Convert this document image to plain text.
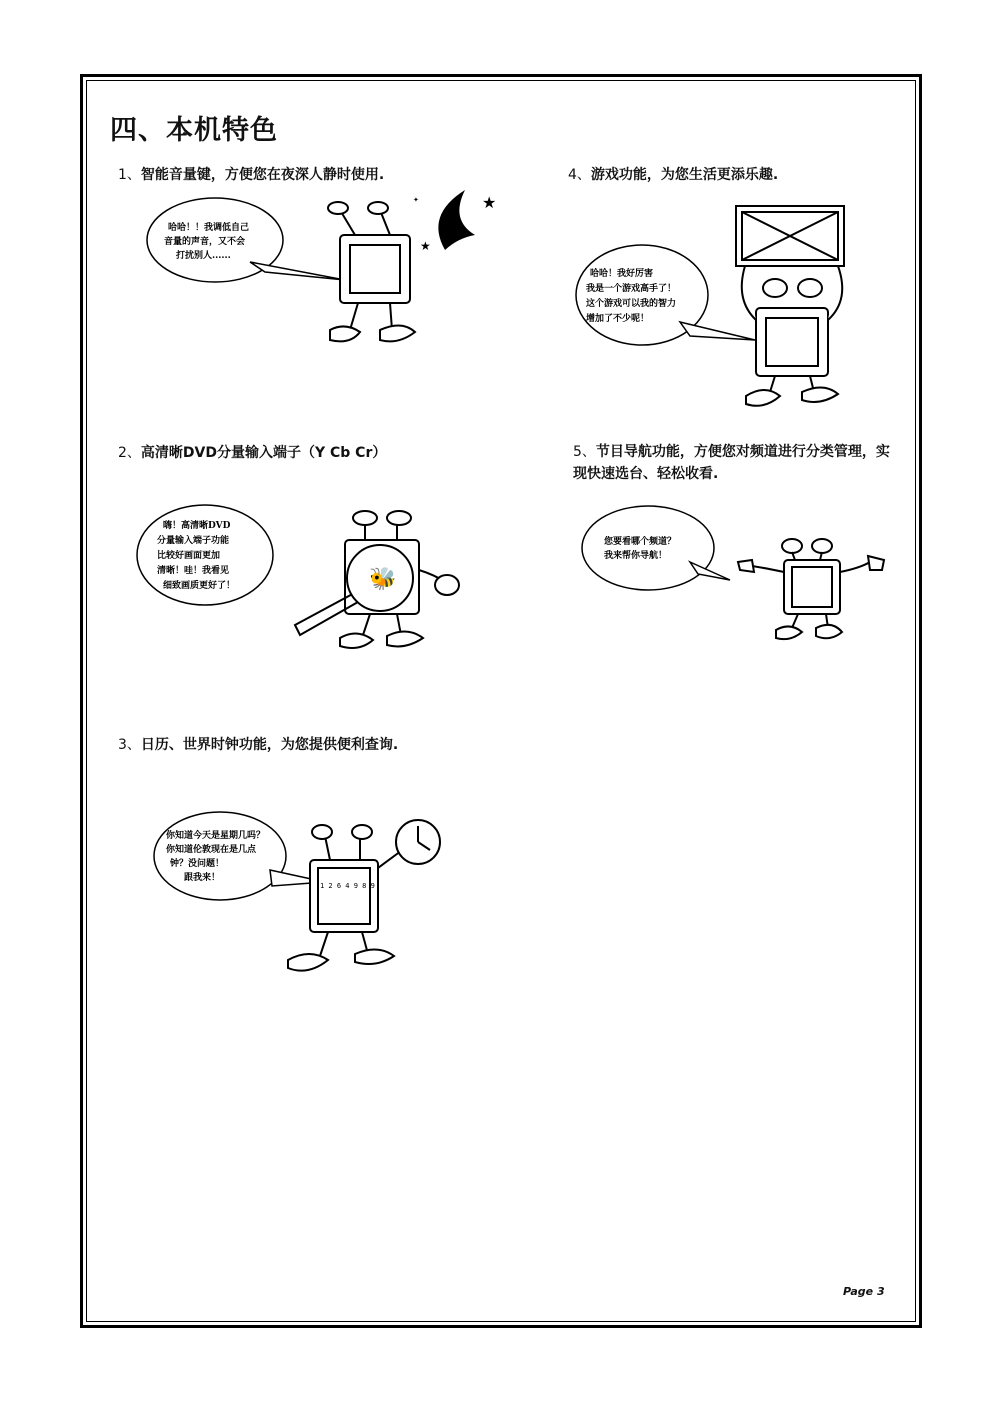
四、本机特色
1、智能音量键，方便您在夜深人静时使用.
2、高清晰DVD分量输入端子（Y Cb Cr）
3、日历、世界时钟功能，为您提供便利查询.
4、游戏功能，为您生活更添乐趣.
5、节目导航功能，方便您对频道进行分类管理，实现快速选台、轻松收看.
哈哈！！我调低自己
音量的声音，又不会
打扰别人......
★
★
✦
嗨！高清晰DVD
分量输入端子功能
比较好画面更加
清晰！哇！我看见
细致画质更好了！	🐝
你知道今天是星期几吗？
你知道伦敦现在是几点
钟？没问题！
跟我来！
1 2 6 4 9 8 9
哈哈！我好厉害
我是一个游戏高手了！
这个游戏可以我的智力
增加了不少呢！
您要看哪个频道？
我来帮你导航！
Page 3
